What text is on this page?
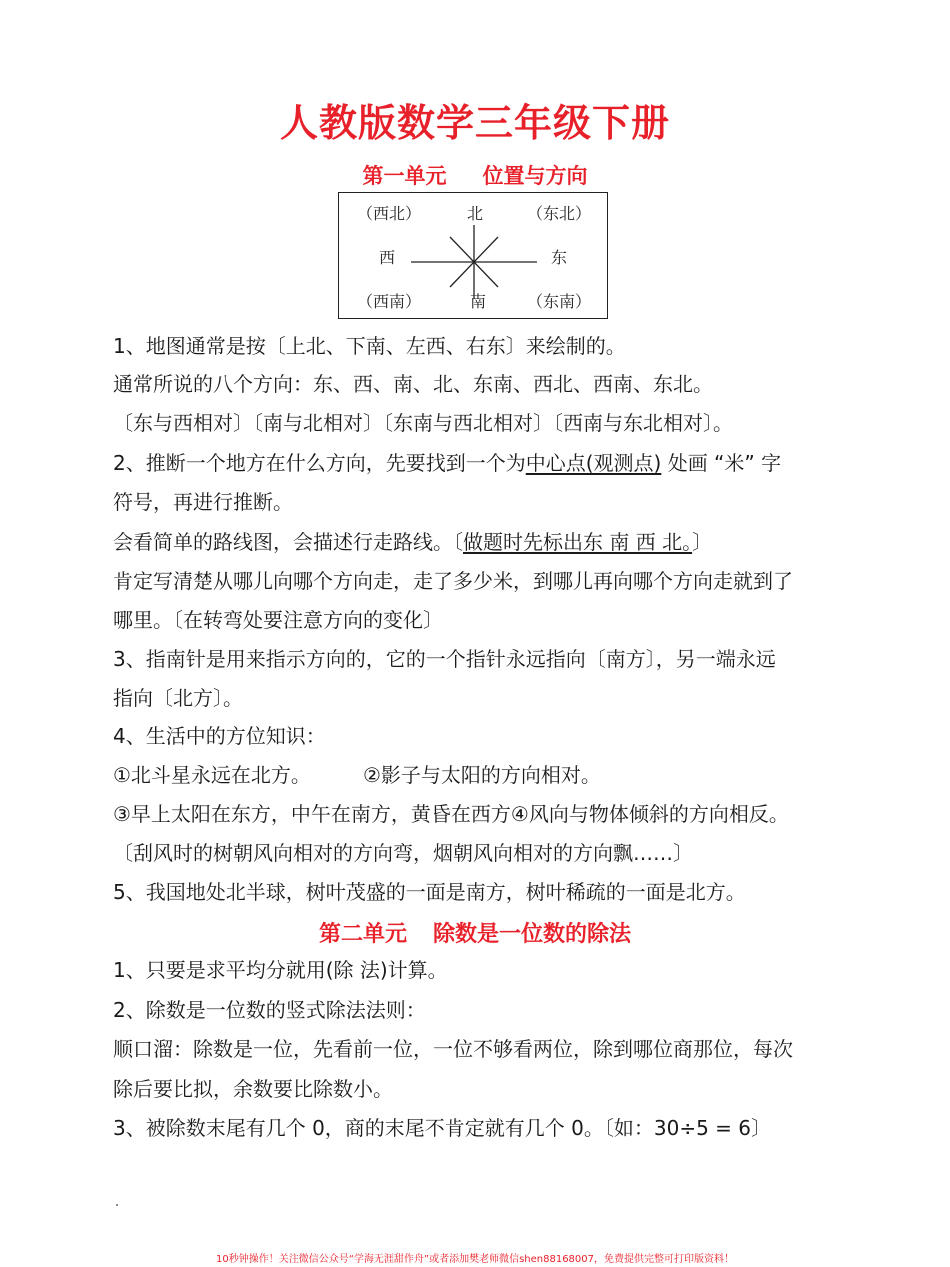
人教版数学三年级下册
第一单元 位置与方向
（西北）	北	（东北）
西	东
（西南）	南	（东南）
1、地图通常是按〔上北、下南、左西、右东〕来绘制的。
通常所说的八个方向：东、西、南、北、东南、西北、西南、东北。
〔东与西相对〕〔南与北相对〕〔东南与西北相对〕〔西南与东北相对〕。
2、推断一个地方在什么方向，先要找到一个为中心点(观测点) 处画 “米” 字
符号，再进行推断。
会看简单的路线图，会描述行走路线。〔做题时先标出东 南 西 北。〕
肯定写清楚从哪儿向哪个方向走，走了多少米，到哪儿再向哪个方向走就到了
哪里。〔在转弯处要注意方向的变化〕
3、指南针是用来指示方向的，它的一个指针永远指向〔南方〕，另一端永远
指向〔北方〕。
4、生活中的方位知识：
①北斗星永远在北方。	②影子与太阳的方向相对。
③早上太阳在东方，中午在南方，黄昏在西方④风向与物体倾斜的方向相反。
〔刮风时的树朝风向相对的方向弯，烟朝风向相对的方向飘……〕
5、我国地处北半球，树叶茂盛的一面是南方，树叶稀疏的一面是北方。
第二单元 除数是一位数的除法
1、只要是求平均分就用(除 法)计算。
2、除数是一位数的竖式除法法则：
顺口溜：除数是一位，先看前一位，一位不够看两位，除到哪位商那位，每次
除后要比拟，余数要比除数小。
3、被除数末尾有几个 0，商的末尾不肯定就有几个 0。〔如：30÷5 = 6〕
10秒钟操作！关注微信公众号“学海无涯甜作舟”或者添加樊老师微信shen88168007，免费提供完整可打印版资料！
